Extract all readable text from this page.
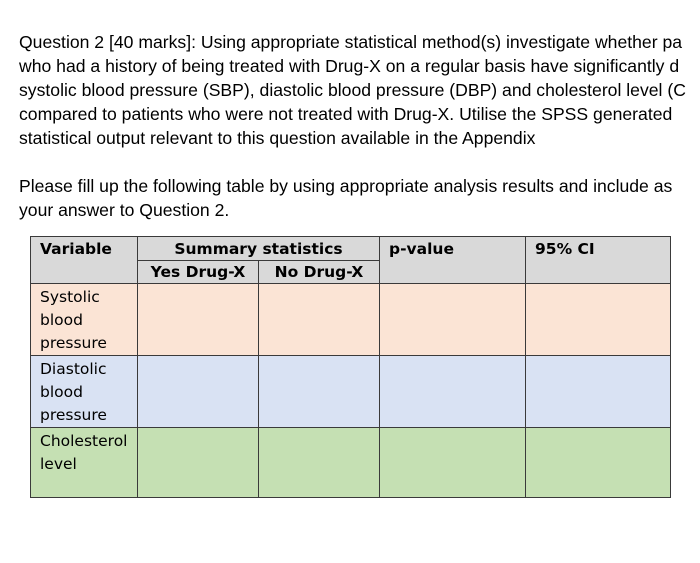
Question 2 [40 marks]: Using appropriate statistical method(s) investigate whether pa
who had a history of being treated with Drug-X on a regular basis have significantly d
systolic blood pressure (SBP), diastolic blood pressure (DBP) and cholesterol level (C
compared to patients who were not treated with Drug-X. Utilise the SPSS generated
statistical output relevant to this question available in the Appendix
Please fill up the following table by using appropriate analysis results and include as
your answer to Question 2.
Variable	Summary statistics		p-value	95% CI

	Yes Drug-X	No Drug-X		

Systolic
blood
pressure				

Diastolic
blood
pressure				

Cholesterol
level				
